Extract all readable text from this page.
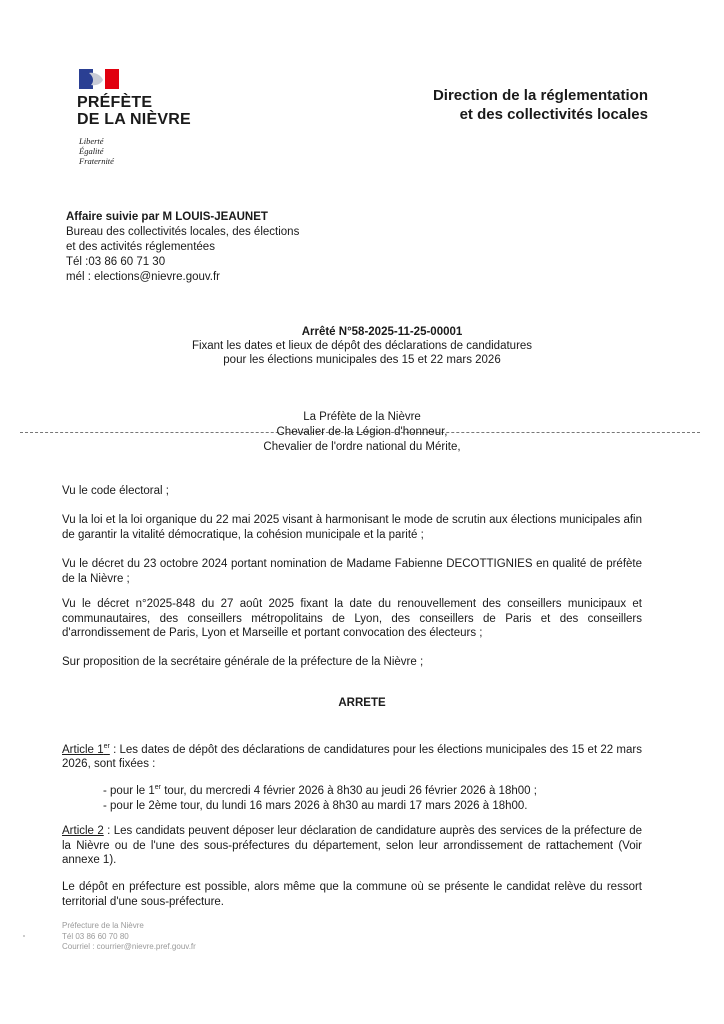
PRÉFÈTE
DE LA NIÈVRE
Liberté
Égalité
Fraternité
Direction de la réglementation
et des collectivités locales
Affaire suivie par M LOUIS-JEAUNET
Bureau des collectivités locales, des élections
et des activités réglementées
Tél :03 86 60 71 30
mél : elections@nievre.gouv.fr
Arrêté N°58-2025-11-25-00001
Fixant les dates et lieux de dépôt des déclarations de candidatures
pour les élections municipales des 15 et 22 mars 2026
La Préfète de la Nièvre
Chevalier de la Légion d'honneur,
Chevalier de l'ordre national du Mérite,
Vu le code électoral ;
Vu la loi et la loi organique du 22 mai 2025 visant à harmonisant le mode de scrutin aux élections municipales afin de garantir la vitalité démocratique, la cohésion municipale et la parité ;
Vu le décret du 23 octobre 2024 portant nomination de Madame Fabienne DECOTTIGNIES en qualité de préfète de la Nièvre ;
Vu le décret n°2025-848 du 27 août 2025 fixant la date du renouvellement des conseillers municipaux et communautaires, des conseillers métropolitains de Lyon, des conseillers de Paris et des conseillers d'arrondissement de Paris, Lyon et Marseille et portant convocation des électeurs ;
Sur proposition de la secrétaire générale de la préfecture de la Nièvre ;
ARRETE
Article 1er : Les dates de dépôt des déclarations de candidatures pour les élections municipales des 15 et 22 mars 2026, sont fixées :
- pour le 1er tour, du mercredi 4 février 2026 à 8h30 au jeudi 26 février 2026 à 18h00 ;
- pour le 2ème tour, du lundi 16 mars 2026 à 8h30 au mardi 17 mars 2026 à 18h00.
Article 2 : Les candidats peuvent déposer leur déclaration de candidature auprès des services de la préfecture de la Nièvre ou de l'une des sous-préfectures du département, selon leur arrondissement de rattachement (Voir annexe 1).
Le dépôt en préfecture est possible, alors même que la commune où se présente le candidat relève du ressort territorial d'une sous-préfecture.
Préfecture de la Nièvre
Tél 03 86 60 70 80
Courriel : courrier@nievre.pref.gouv.fr
